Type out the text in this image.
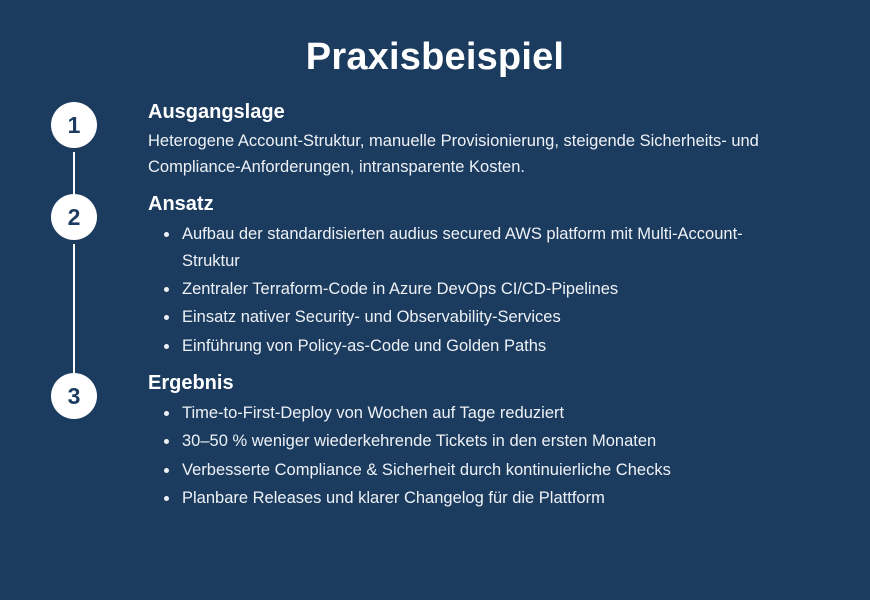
Praxisbeispiel
1	Ausgangslage

Heterogene Account-Struktur, manuelle Provisionierung, steigende Sicherheits- und Compliance-Anforderungen, intransparente Kosten.

2	Ansatz
Aufbau der standardisierten audius secured AWS platform mit Multi-Account-Struktur
Zentraler Terraform-Code in Azure DevOps CI/CD-Pipelines
Einsatz nativer Security- und Observability-Services
Einführung von Policy-as-Code und Golden Paths
3	Ergebnis
Time-to-First-Deploy von Wochen auf Tage reduziert
30–50 % weniger wiederkehrende Tickets in den ersten Monaten
Verbesserte Compliance & Sicherheit durch kontinuierliche Checks
Planbare Releases und klarer Changelog für die Plattform
